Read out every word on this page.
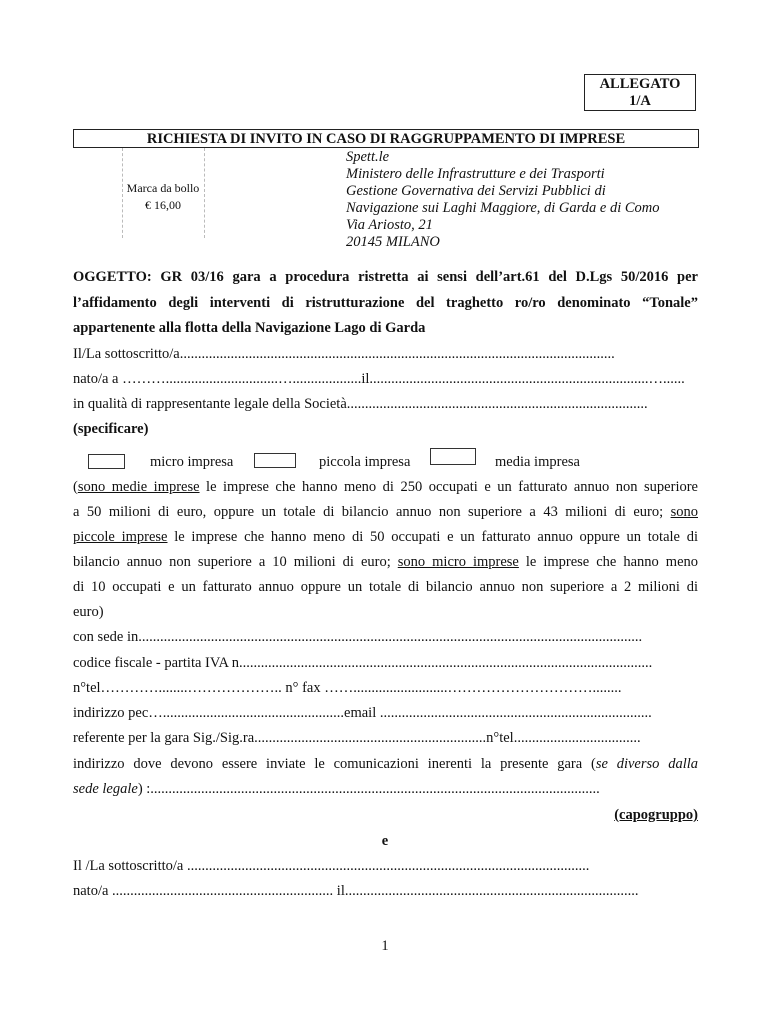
ALLEGATO
1/A
RICHIESTA DI INVITO IN CASO DI RAGGRUPPAMENTO DI IMPRESE
Marca da bollo
€ 16,00
Spett.le
Ministero delle Infrastrutture e dei Trasporti
Gestione Governativa dei Servizi Pubblici di
Navigazione sui Laghi Maggiore, di Garda e di Como
Via Ariosto, 21
20145 MILANO
OGGETTO: GR 03/16 gara a procedura ristretta ai sensi dell’art.61 del D.Lgs 50/2016 per
l’affidamento degli interventi di ristrutturazione del traghetto ro/ro denominato “Tonale”
appartenente alla flotta della Navigazione Lago di Garda
Il/La sottoscritto/a........................................................................................................................
nato/a a ………...............................…...................il.............................................................................…......
in qualità di rappresentante legale della Società...................................................................................
(specificare)
micro impresa	piccola impresa	media impresa
(sono medie imprese le imprese che hanno meno di 250 occupati e un fatturato annuo non superiore
a 50 milioni di euro, oppure un totale di bilancio annuo non superiore a 43 milioni di euro; sono
piccole imprese le imprese che hanno meno di 50 occupati e un fatturato annuo oppure un totale di
bilancio annuo non superiore a 10 milioni di euro; sono micro imprese le imprese che hanno meno
di 10 occupati e un fatturato annuo oppure un totale di bilancio annuo non superiore a 2 milioni di
euro)
con sede in...........................................................................................................................................
codice fiscale - partita IVA n..................................................................................................................
n°tel…………........……………….. n° fax ……..........................…………………………........
indirizzo pec…..................................................email ...........................................................................
referente per la gara Sig./Sig.ra................................................................n°tel...................................
indirizzo dove devono essere inviate le comunicazioni inerenti la presente gara (se diverso dalla
sede legale) :............................................................................................................................
(capogruppo)
e
Il /La sottoscritto/a ...............................................................................................................
nato/a ............................................................. il.................................................................................
1
